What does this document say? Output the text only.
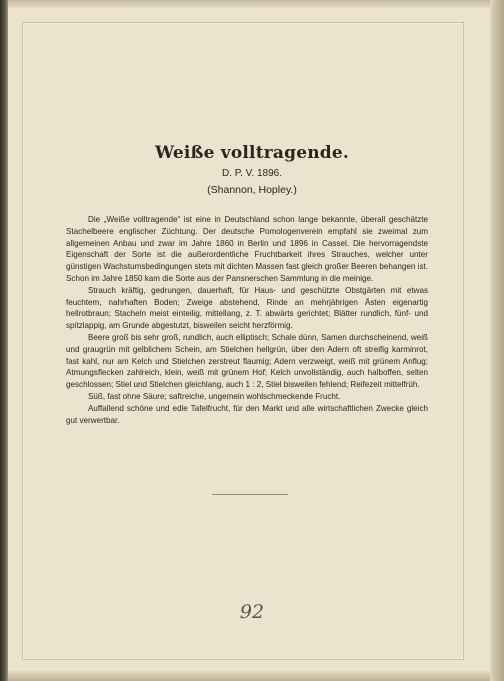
Weiße volltragende.

D. P. V. 1896.

(Shannon, Hopley.)

Die „Weiße volltragende“ ist eine in Deutschland schon lange bekannte, überall geschätzte Stachelbeere englischer Züchtung. Der deutsche Pomologenverein empfahl sie zweimal zum allgemeinen Anbau und zwar im Jahre 1860 in Berlin und 1896 in Cassel. Die hervorragendste Eigenschaft der Sorte ist die außerordentliche Fruchtbarkeit ihres Strauches, welcher unter günstigen Wachstumsbedingungen stets mit dichten Massen fast gleich großer Beeren behangen ist. Schon im Jahre 1850 kam die Sorte aus der Pansnerschen Sammlung in die meinige.

Strauch kräftig, gedrungen, dauerhaft, für Haus- und geschützte Obstgärten mit etwas feuchtem, nahrhaften Boden; Zweige abstehend, Rinde an mehrjährigen Ästen eigenartig hellrotbraun; Stacheln meist einteilig, mittellang, z. T. abwärts gerichtet; Blätter rundlich, fünf- und spitzlappig, am Grunde abgestutzt, bisweilen seicht herzförmig.

Beere groß bis sehr groß, rundlich, auch elliptisch; Schale dünn, Samen durchscheinend, weiß und graugrün mit gelblichem Schein, am Stielchen hellgrün, über den Adern oft streifig karminrot, fast kahl, nur am Kelch und Stielchen zerstreut flaumig; Adern verzweigt, weiß mit grünem Anflug; Atmungsflecken zahlreich, klein, weiß mit grünem Hof; Kelch unvollständig, auch halboffen, selten geschlossen; Stiel und Stielchen gleichlang, auch 1 : 2, Stiel bisweilen fehlend; Reifezeit mittelfrüh.

Süß, fast ohne Säure; saftreiche, ungemein wohlschmeckende Frucht.

Auffallend schöne und edle Tafelfrucht, für den Markt und alle wirtschaftlichen Zwecke gleich gut verwertbar.

92
